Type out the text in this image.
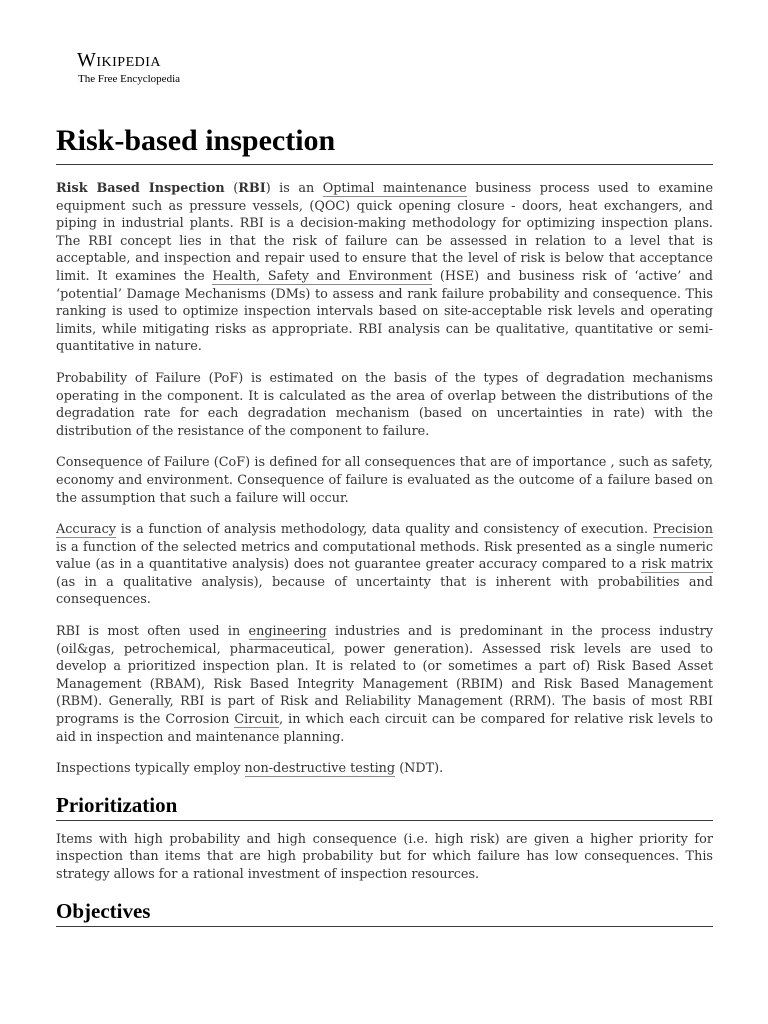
Wikipedia
The Free Encyclopedia
Risk-based inspection

Risk Based Inspection (RBI) is an Optimal maintenance business process used to examine equipment such as pressure vessels, (QOC) quick opening closure - doors, heat exchangers, and piping in industrial plants. RBI is a decision-making methodology for optimizing inspection plans. The RBI concept lies in that the risk of failure can be assessed in relation to a level that is acceptable, and inspection and repair used to ensure that the level of risk is below that acceptance limit. It examines the Health, Safety and Environment (HSE) and business risk of ‘active’ and ‘potential’ Damage Mechanisms (DMs) to assess and rank failure probability and consequence. This ranking is used to optimize inspection intervals based on site-acceptable risk levels and operating limits, while mitigating risks as appropriate. RBI analysis can be qualitative, quantitative or semi-quantitative in nature.

Probability of Failure (PoF) is estimated on the basis of the types of degradation mechanisms operating in the component. It is calculated as the area of overlap between the distributions of the degradation rate for each degradation mechanism (based on uncertainties in rate) with the distribution of the resistance of the component to failure.

Consequence of Failure (CoF) is defined for all consequences that are of importance , such as safety, economy and environment. Consequence of failure is evaluated as the outcome of a failure based on the assumption that such a failure will occur.

Accuracy is a function of analysis methodology, data quality and consistency of execution. Precision is a function of the selected metrics and computational methods. Risk presented as a single numeric value (as in a quantitative analysis) does not guarantee greater accuracy compared to a risk matrix (as in a qualitative analysis), because of uncertainty that is inherent with probabilities and consequences.

RBI is most often used in engineering industries and is predominant in the process industry (oil&gas, petrochemical, pharmaceutical, power generation). Assessed risk levels are used to develop a prioritized inspection plan. It is related to (or sometimes a part of) Risk Based Asset Management (RBAM), Risk Based Integrity Management (RBIM) and Risk Based Management (RBM). Generally, RBI is part of Risk and Reliability Management (RRM). The basis of most RBI programs is the Corrosion Circuit, in which each circuit can be compared for relative risk levels to aid in inspection and maintenance planning.

Inspections typically employ non-destructive testing (NDT).

Prioritization

Items with high probability and high consequence (i.e. high risk) are given a higher priority for inspection than items that are high probability but for which failure has low consequences. This strategy allows for a rational investment of inspection resources.

Objectives
